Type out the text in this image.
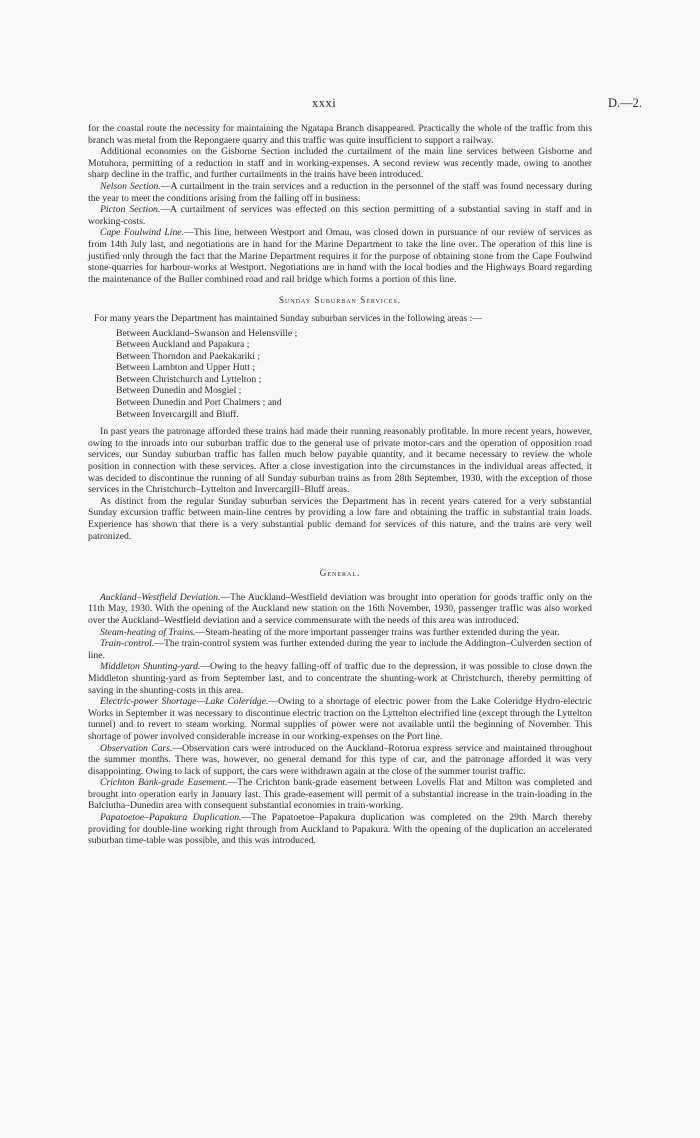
xxxi	D.—2.

for the coastal route the necessity for maintaining the Ngatapa Branch disappeared. Practically the whole of the traffic from this branch was metal from the Repongaere quarry and this traffic was quite insufficient to support a railway.

Additional economies on the Gisborne Section included the curtailment of the main line services between Gisborne and Motuhora, permitting of a reduction in staff and in working-expenses. A second review was recently made, owing to another sharp decline in the traffic, and further curtailments in the trains have been introduced.

Nelson Section.—A curtailment in the train services and a reduction in the personnel of the staff was found necessary during the year to meet the conditions arising from the falling off in business.

Picton Section.—A curtailment of services was effected on this section permitting of a substantial saving in staff and in working-costs.

Cape Foulwind Line.—This line, between Westport and Omau, was closed down in pursuance of our review of services as from 14th July last, and negotiations are in hand for the Marine Department to take the line over. The operation of this line is justified only through the fact that the Marine Department requires it for the purpose of obtaining stone from the Cape Foulwind stone-quarries for harbour-works at Westport. Negotiations are in hand with the local bodies and the Highways Board regarding the maintenance of the Buller combined road and rail bridge which forms a portion of this line.

Sunday Suburban Services.

For many years the Department has maintained Sunday suburban services in the following areas :—

Between Auckland–Swanson and Helensville ;
Between Auckland and Papakura ;
Between Thorndon and Paekakariki ;
Between Lambton and Upper Hutt ;
Between Christchurch and Lyttelton ;
Between Dunedin and Mosgiel ;
Between Dunedin and Port Chalmers ; and
Between Invercargill and Bluff.

In past years the patronage afforded these trains had made their running reasonably profitable. In more recent years, however, owing to the inroads into our suburban traffic due to the general use of private motor-cars and the operation of opposition road services, our Sunday suburban traffic has fallen much below payable quantity, and it became necessary to review the whole position in connection with these services. After a close investigation into the circumstances in the individual areas affected, it was decided to discontinue the running of all Sunday suburban trains as from 28th September, 1930, with the exception of those services in the Christchurch–Lyttelton and Invercargill–Bluff areas.

As distinct from the regular Sunday suburban services the Department has in recent years catered for a very substantial Sunday excursion traffic between main-line centres by providing a low fare and obtaining the traffic in substantial train loads. Experience has shown that there is a very substantial public demand for services of this nature, and the trains are very well patronized.

General.

Auckland–Westfield Deviation.—The Auckland–Westfield deviation was brought into operation for goods traffic only on the 11th May, 1930. With the opening of the Auckland new station on the 16th November, 1930, passenger traffic was also worked over the Auckland–Westfield deviation and a service commensurate with the needs of this area was introduced.

Steam-heating of Trains.—Steam-heating of the more important passenger trains was further extended during the year.

Train-control.—The train-control system was further extended during the year to include the Addington–Culverden section of line.

Middleton Shunting-yard.—Owing to the heavy falling-off of traffic due to the depression, it was possible to close down the Middleton shunting-yard as from September last, and to concentrate the shunting-work at Christchurch, thereby permitting of saving in the shunting-costs in this area.

Electric-power Shortage—Lake Coleridge.—Owing to a shortage of electric power from the Lake Coleridge Hydro-electric Works in September it was necessary to discontinue electric traction on the Lyttelton electrified line (except through the Lyttelton tunnel) and to revert to steam working. Normal supplies of power were not available until the beginning of November. This shortage of power involved considerable increase in our working-expenses on the Port line.

Observation Cars.—Observation cars were introduced on the Auckland–Rotorua express service and maintained throughout the summer months. There was, however, no general demand for this type of car, and the patronage afforded it was very disappointing. Owing to lack of support, the cars were withdrawn again at the close of the summer tourist traffic.

Crichton Bank-grade Easement.—The Crichton bank-grade easement between Lovells Flat and Milton was completed and brought into operation early in January last. This grade-easement will permit of a substantial increase in the train-loading in the Balclutha–Dunedin area with consequent substantial economies in train-working.

Papatoetoe–Papakura Duplication.—The Papatoetoe–Papakura duplication was completed on the 29th March thereby providing for double-line working right through from Auckland to Papakura. With the opening of the duplication an accelerated suburban time-table was possible, and this was introduced.
